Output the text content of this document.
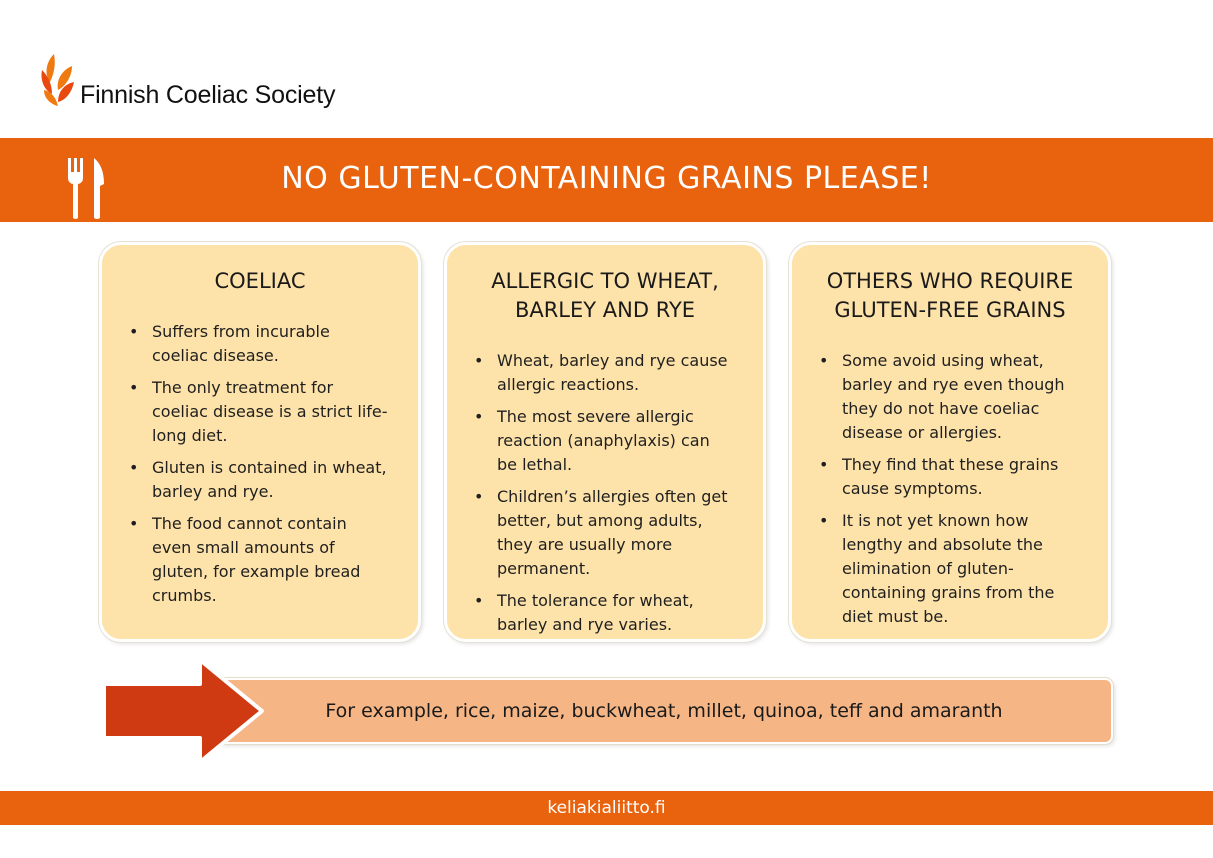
Finnish Coeliac Society
NO GLUTEN-CONTAINING GRAINS PLEASE!
COELIAC
• Suffers from incurable coeliac disease.
• The only treatment for coeliac disease is a strict life-long diet.
• Gluten is contained in wheat, barley and rye.
• The food cannot contain even small amounts of gluten, for example bread crumbs.
ALLERGIC TO WHEAT,
BARLEY AND RYE
• Wheat, barley and rye cause allergic reactions.
• The most severe allergic reaction (anaphylaxis) can be lethal.
• Children’s allergies often get better, but among adults, they are usually more permanent.
• The tolerance for wheat, barley and rye varies.
OTHERS WHO REQUIRE
GLUTEN-FREE GRAINS
• Some avoid using wheat, barley and rye even though they do not have coeliac disease or allergies.
• They find that these grains cause symptoms.
• It is not yet known how lengthy and absolute the elimination of gluten-containing grains from the diet must be.
For example, rice, maize, buckwheat, millet, quinoa, teff and amaranth
keliakialiitto.fi
